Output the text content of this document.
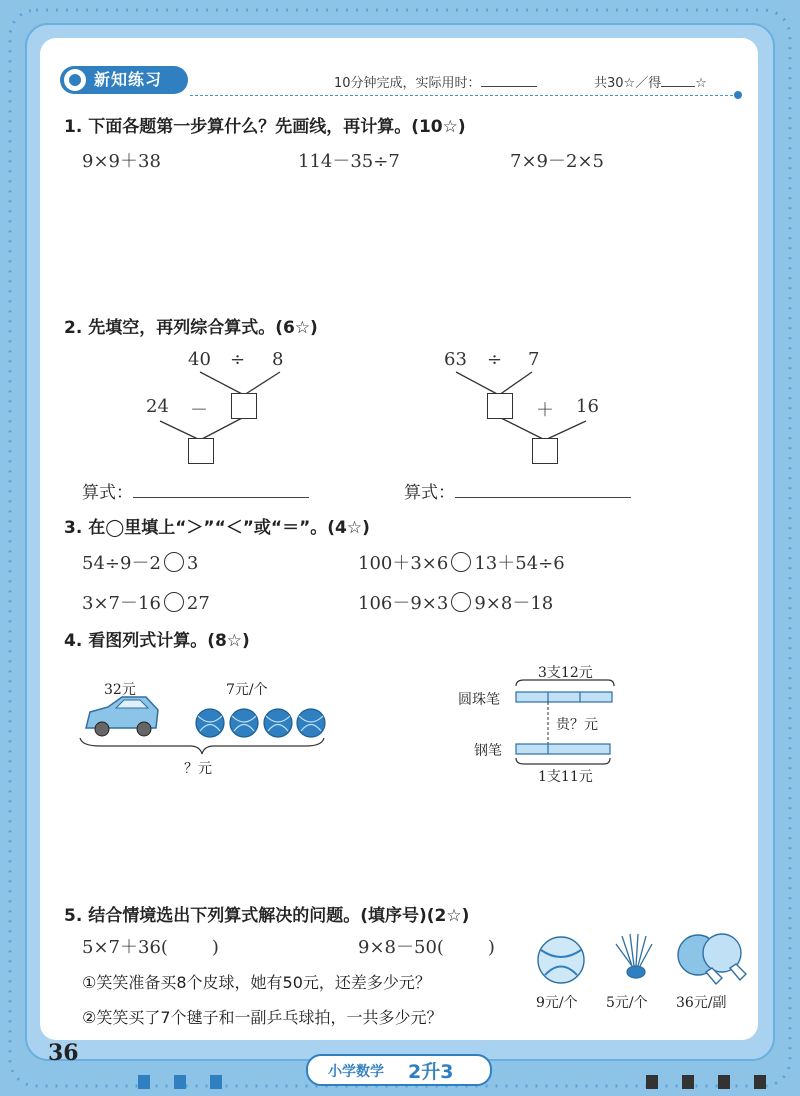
新知练习	10分钟完成，实际用时：	共30☆／得	☆
1. 下面各题第一步算什么？先画线，再计算。(10☆)
9×9＋38	114－35÷7	7×9－2×5
2. 先填空，再列综合算式。(6☆)
40 ÷ 8
24 －
63 ÷ 7
＋ 16
算式：	算式：
3. 在◯里填上“＞”“＜”或“＝”。(4☆)
54÷9－2 3	100＋3×6 13＋54÷6
3×7－16 27	106－9×3 9×8－18
4. 看图列式计算。(8☆)
32元	7元/个
？元
3支12元
圆珠笔
贵？元
钢笔
1支11元
5. 结合情境选出下列算式解决的问题。(填序号)(2☆)
5×7＋36( )	9×8－50( )
①笑笑准备买8个皮球，她有50元，还差多少元？
②笑笑买了7个毽子和一副乒乓球拍，一共多少元？
9元/个 5元/个 36元/副
36
小学数学 2升3
